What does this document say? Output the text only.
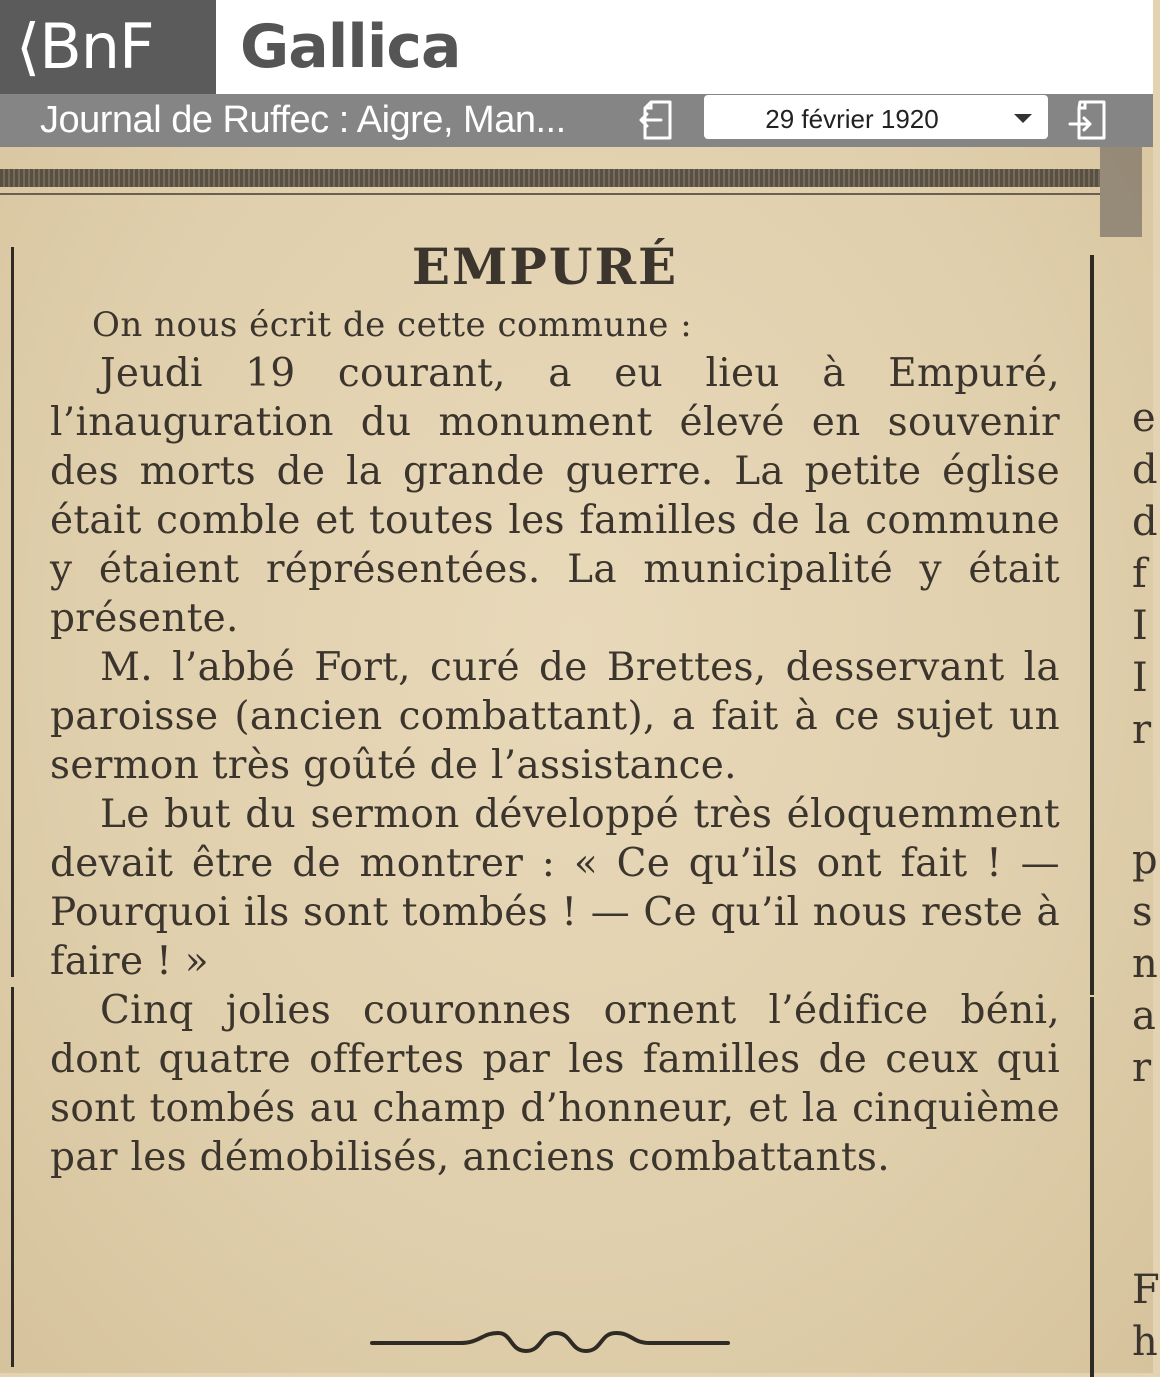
⟨BnF	Gallica
Journal de Ruffec : Aigre, Man...	29 février 1920
EMPURÉ
On nous écrit de cette commune :

Jeudi 19 courant, a eu lieu à Empuré, l’inauguration du monument élevé en souvenir des morts de la grande guerre. La petite église était comble et toutes les familles de la commune y étaient réprésentées. La municipalité y était présente.

M. l’abbé Fort, curé de Brettes, desservant la paroisse (ancien combattant), a fait à ce sujet un sermon très goûté de l’assistance.

Le but du sermon développé très éloquemment devait être de montrer : « Ce qu’ils ont fait ! — Pourquoi ils sont tombés ! — Ce qu’il nous reste à faire ! »

Cinq jolies couronnes ornent l’édifice béni, dont quatre offertes par les familles de ceux qui sont tombés au champ d’honneur, et la cinquième par les démobilisés, anciens combattants.

e
d
d
f
I
I
r
p
s
n
a
r
F
h
